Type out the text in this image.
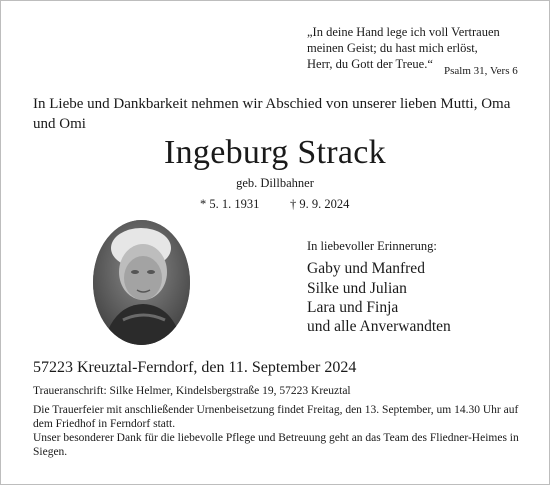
„In deine Hand lege ich voll Vertrauen
meinen Geist; du hast mich erlöst,
Herr, du Gott der Treue.“ Psalm 31, Vers 6
In Liebe und Dankbarkeit nehmen wir Abschied von unserer lieben Mutti, Oma und Omi
Ingeburg Strack
geb. Dillbahner
* 5. 1. 1931 † 9. 9. 2024
In liebevoller Erinnerung:
Gaby und Manfred
Silke und Julian
Lara und Finja
und alle Anverwandten
57223 Kreuztal-Ferndorf, den 11. September 2024
Traueranschrift: Silke Helmer, Kindelsbergstraße 19, 57223 Kreuztal
Die Trauerfeier mit anschließender Urnenbeisetzung findet Freitag, den 13. September, um 14.30 Uhr auf dem Friedhof in Ferndorf statt.
Unser besonderer Dank für die liebevolle Pflege und Betreuung geht an das Team des Fliedner-Heimes in Siegen.
